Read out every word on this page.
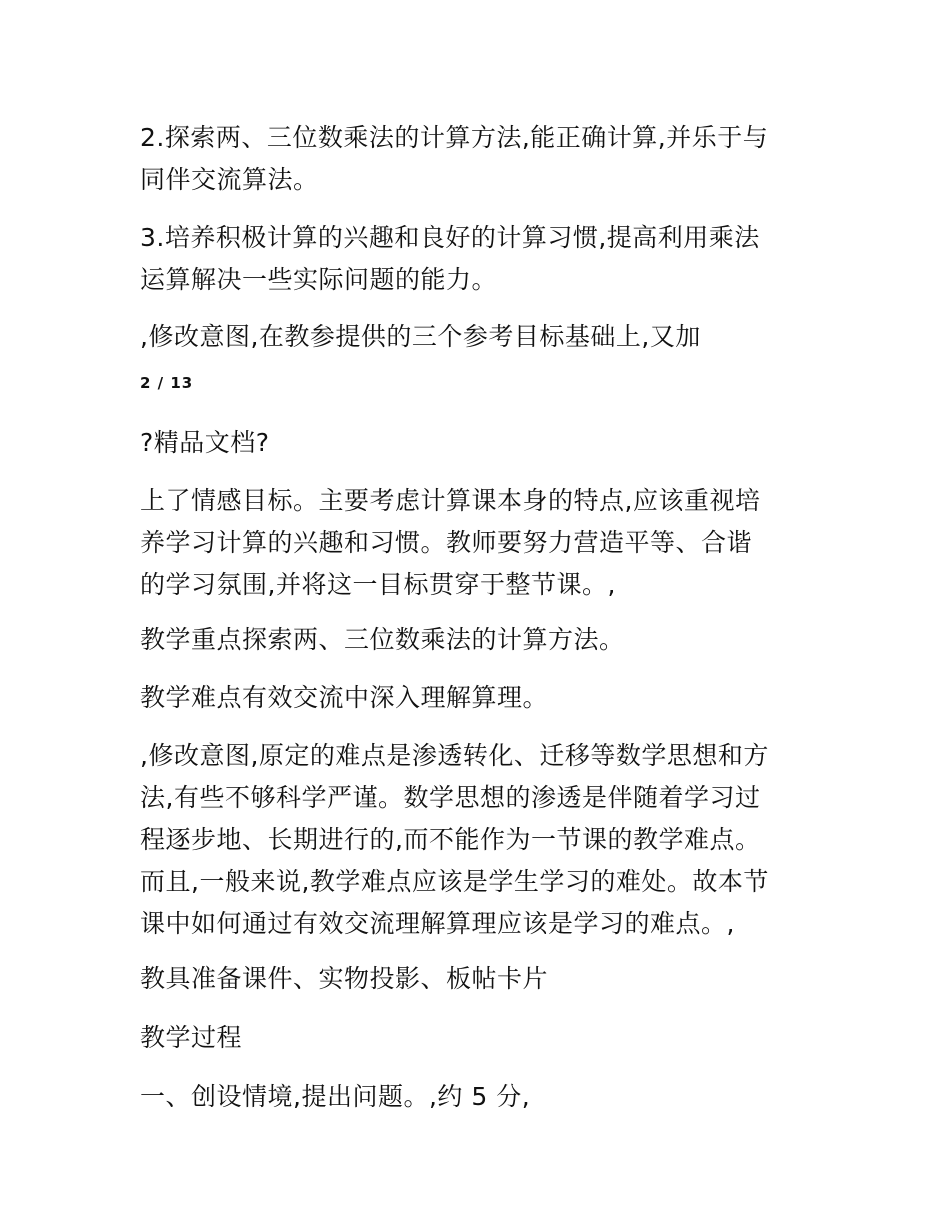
2.探索两、三位数乘法的计算方法,能正确计算,并乐于与
同伴交流算法。

3.培养积极计算的兴趣和良好的计算习惯,提高利用乘法
运算解决一些实际问题的能力。

,修改意图,在教参提供的三个参考目标基础上,又加

2 / 13

?精品文档?

上了情感目标。主要考虑计算课本身的特点,应该重视培
养学习计算的兴趣和习惯。教师要努力营造平等、合谐
的学习氛围,并将这一目标贯穿于整节课。,

教学重点探索两、三位数乘法的计算方法。

教学难点有效交流中深入理解算理。

,修改意图,原定的难点是渗透转化、迁移等数学思想和方
法,有些不够科学严谨。数学思想的渗透是伴随着学习过
程逐步地、长期进行的,而不能作为一节课的教学难点。
而且,一般来说,教学难点应该是学生学习的难处。故本节
课中如何通过有效交流理解算理应该是学习的难点。,

教具准备课件、实物投影、板帖卡片

教学过程

一、创设情境,提出问题。,约 5 分,
